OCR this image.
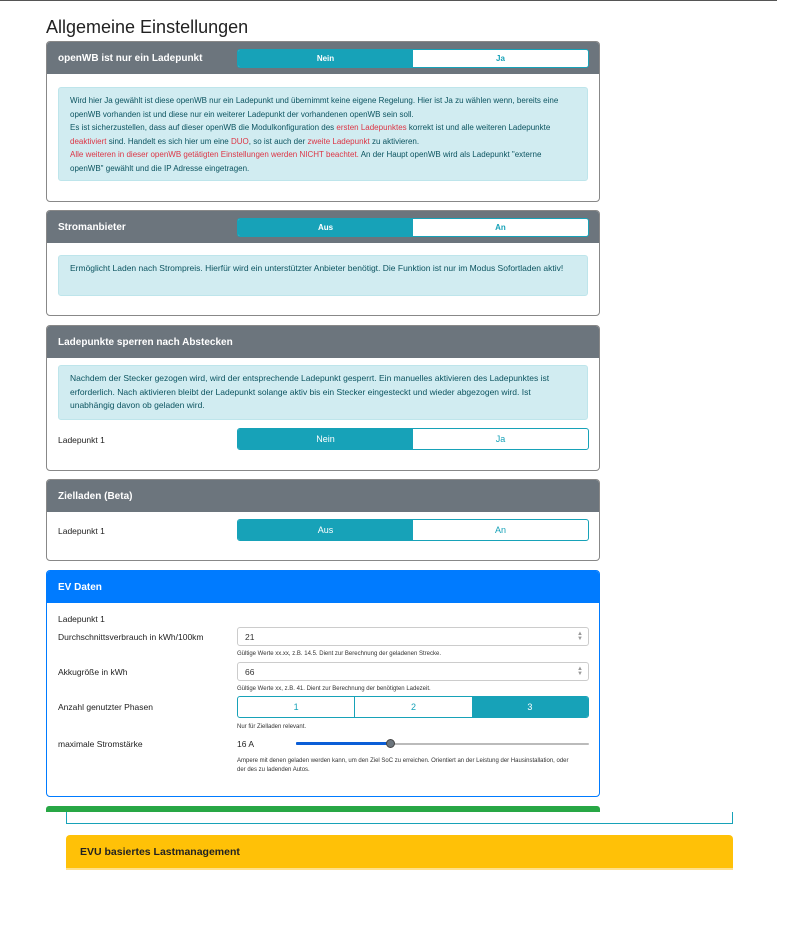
Allgemeine Einstellungen
openWB ist nur ein Ladepunkt	Nein	Ja
Wird hier Ja gewählt ist diese openWB nur ein Ladepunkt und übernimmt keine eigene Regelung. Hier ist Ja zu wählen wenn, bereits eine openWB vorhanden ist und diese nur ein weiterer Ladepunkt der vorhandenen openWB sein soll.
Es ist sicherzustellen, dass auf dieser openWB die Modulkonfiguration des ersten Ladepunktes korrekt ist und alle weiteren Ladepunkte deaktiviert sind. Handelt es sich hier um eine DUO, so ist auch der zweite Ladepunkt zu aktivieren.
Alle weiteren in dieser openWB getätigten Einstellungen werden NICHT beachtet. An der Haupt openWB wird als Ladepunkt "externe openWB" gewählt und die IP Adresse eingetragen.
Stromanbieter	Aus	An
Ermöglicht Laden nach Strompreis. Hierfür wird ein unterstützter Anbieter benötigt. Die Funktion ist nur im Modus Sofortladen aktiv!
Ladepunkte sperren nach Abstecken
Nachdem der Stecker gezogen wird, wird der entsprechende Ladepunkt gesperrt. Ein manuelles aktivieren des Ladepunktes ist erforderlich. Nach aktivieren bleibt der Ladepunkt solange aktiv bis ein Stecker eingesteckt und wieder abgezogen wird. Ist unabhängig davon ob geladen wird.
Ladepunkt 1	Nein	Ja
Zielladen (Beta)
Ladepunkt 1	Aus	An
EV Daten
Ladepunkt 1
Durchschnittsverbrauch in kWh/100km	21	▲
▼
Gültige Werte xx.xx, z.B. 14.5. Dient zur Berechnung der geladenen Strecke.
Akkugröße in kWh	66	▲
▼
Gültige Werte xx, z.B. 41. Dient zur Berechnung der benötigten Ladezeit.
Anzahl genutzter Phasen	1	2	3
Nur für Zielladen relevant.
maximale Stromstärke	16 A
Ampere mit denen geladen werden kann, um den Ziel SoC zu erreichen. Orientiert an der Leistung der Hausinstallation, oder der des zu ladenden Autos.
EVU basiertes Lastmanagement
